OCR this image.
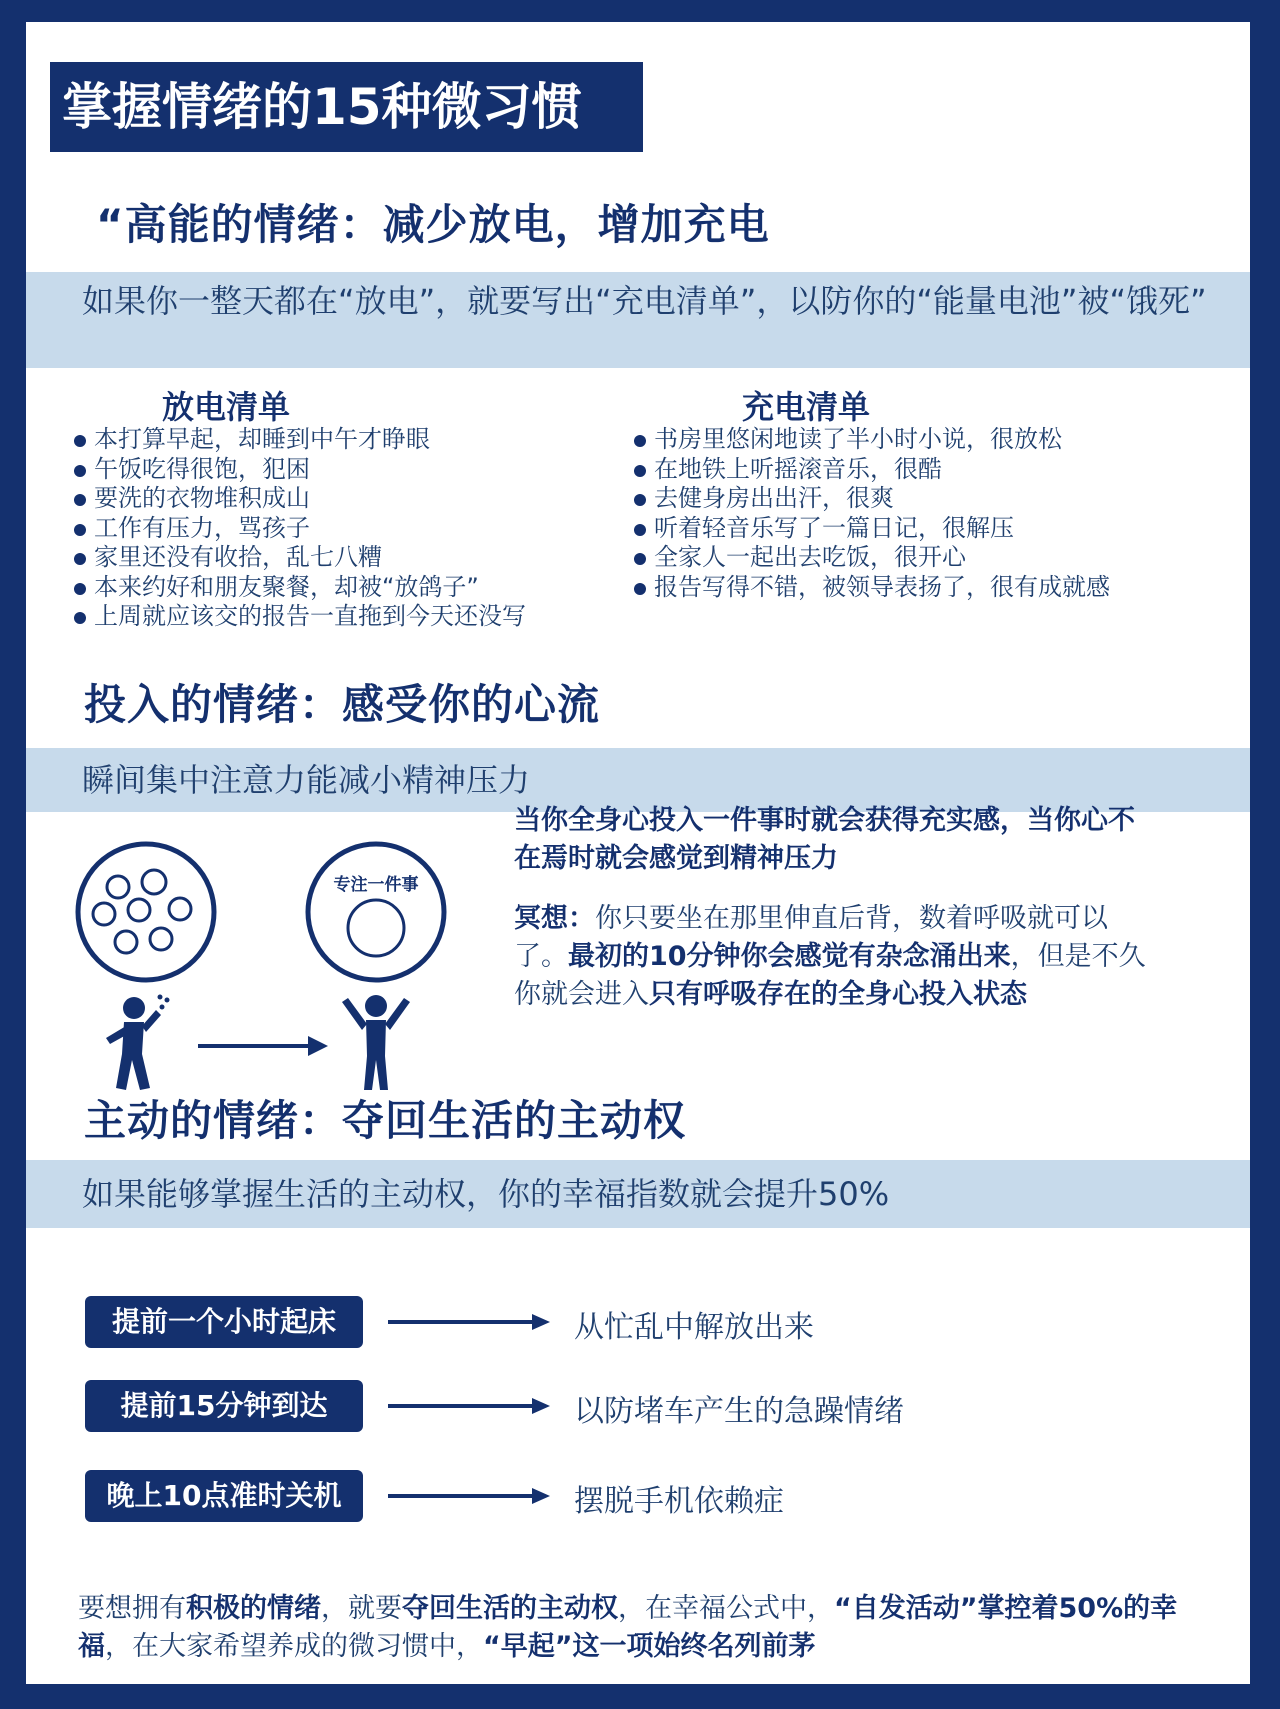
掌握情绪的15种微习惯
“高能的情绪：减少放电，增加充电
如果你一整天都在“放电”，就要写出“充电清单”，以防你的“能量电池”被“饿死”
放电清单
本打算早起，却睡到中午才睁眼
午饭吃得很饱，犯困
要洗的衣物堆积成山
工作有压力，骂孩子
家里还没有收拾，乱七八糟
本来约好和朋友聚餐，却被“放鸽子”
上周就应该交的报告一直拖到今天还没写
充电清单
书房里悠闲地读了半小时小说，很放松
在地铁上听摇滚音乐，很酷
去健身房出出汗，很爽
听着轻音乐写了一篇日记，很解压
全家人一起出去吃饭，很开心
报告写得不错，被领导表扬了，很有成就感
投入的情绪：感受你的心流
瞬间集中注意力能减小精神压力
专注一件事
当你全身心投入一件事时就会获得充实感，当你心不在焉时就会感觉到精神压力
冥想：你只要坐在那里伸直后背，数着呼吸就可以了。最初的10分钟你会感觉有杂念涌出来，但是不久你就会进入只有呼吸存在的全身心投入状态
主动的情绪：夺回生活的主动权
如果能够掌握生活的主动权，你的幸福指数就会提升50%
提前一个小时起床	从忙乱中解放出来
提前15分钟到达	以防堵车产生的急躁情绪
晚上10点准时关机	摆脱手机依赖症
要想拥有积极的情绪，就要夺回生活的主动权，在幸福公式中，“自发活动”掌控着50%的幸福，在大家希望养成的微习惯中，“早起”这一项始终名列前茅
